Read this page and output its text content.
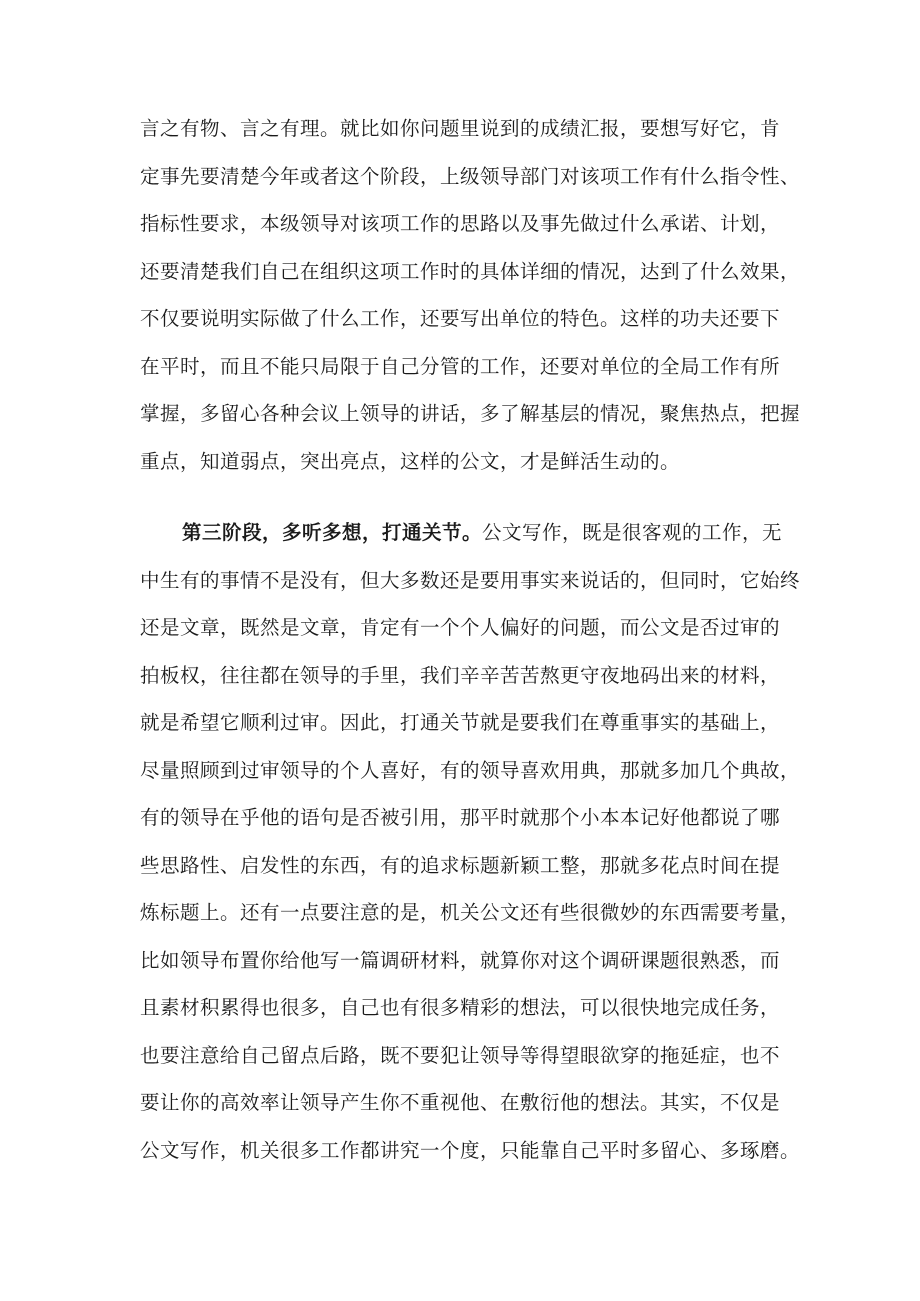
言之有物、言之有理。就比如你问题里说到的成绩汇报，要想写好它，肯
定事先要清楚今年或者这个阶段，上级领导部门对该项工作有什么指令性、
指标性要求，本级领导对该项工作的思路以及事先做过什么承诺、计划，
还要清楚我们自己在组织这项工作时的具体详细的情况，达到了什么效果，
不仅要说明实际做了什么工作，还要写出单位的特色。这样的功夫还要下
在平时，而且不能只局限于自己分管的工作，还要对单位的全局工作有所
掌握，多留心各种会议上领导的讲话，多了解基层的情况，聚焦热点，把握
重点，知道弱点，突出亮点，这样的公文，才是鲜活生动的。
第三阶段，多听多想，打通关节。公文写作，既是很客观的工作，无
中生有的事情不是没有，但大多数还是要用事实来说话的，但同时，它始终
还是文章，既然是文章，肯定有一个个人偏好的问题，而公文是否过审的
拍板权，往往都在领导的手里，我们辛辛苦苦熬更守夜地码出来的材料，
就是希望它顺利过审。因此，打通关节就是要我们在尊重事实的基础上，
尽量照顾到过审领导的个人喜好，有的领导喜欢用典，那就多加几个典故，
有的领导在乎他的语句是否被引用，那平时就那个小本本记好他都说了哪
些思路性、启发性的东西，有的追求标题新颖工整，那就多花点时间在提
炼标题上。还有一点要注意的是，机关公文还有些很微妙的东西需要考量，
比如领导布置你给他写一篇调研材料，就算你对这个调研课题很熟悉，而
且素材积累得也很多，自己也有很多精彩的想法，可以很快地完成任务，
也要注意给自己留点后路，既不要犯让领导等得望眼欲穿的拖延症，也不
要让你的高效率让领导产生你不重视他、在敷衍他的想法。其实，不仅是
公文写作，机关很多工作都讲究一个度，只能靠自己平时多留心、多琢磨。
